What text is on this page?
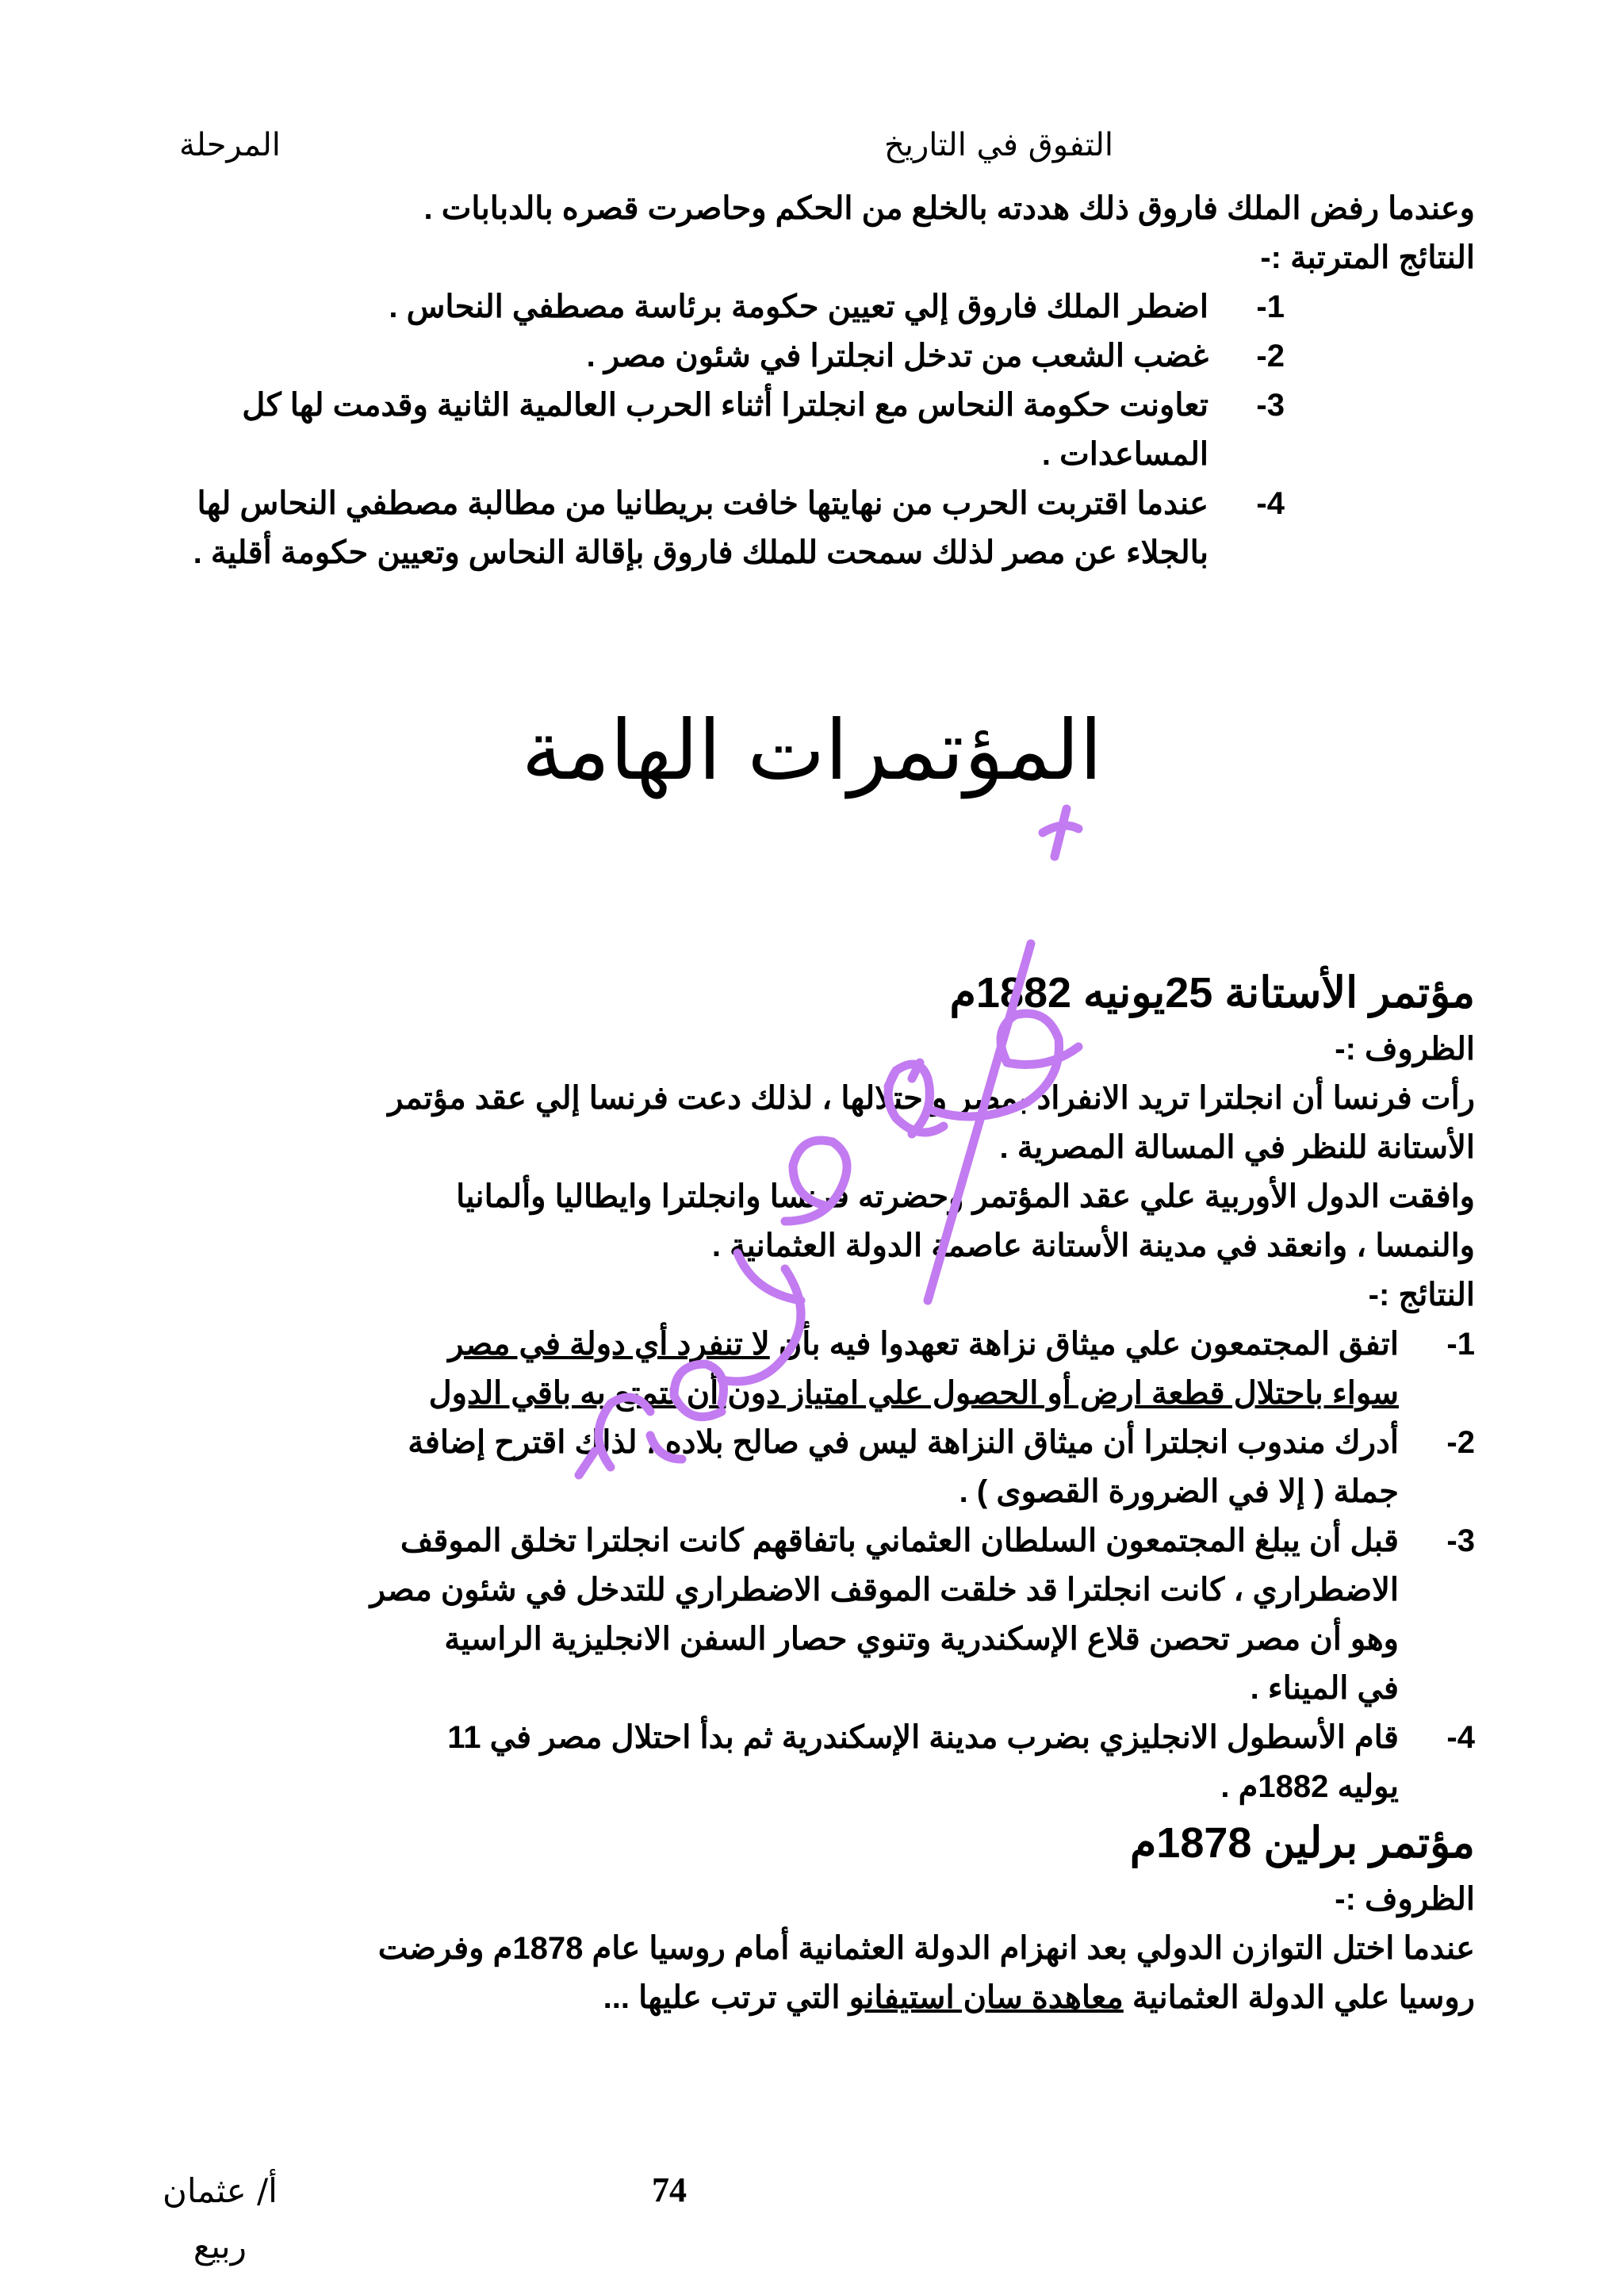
المرحلة	التفوق في التاريخ
وعندما رفض الملك فاروق ذلك هددته بالخلع من الحكم وحاصرت قصره بالدبابات .
النتائج المترتبة :-
-1
اضطر الملك فاروق إلي تعيين حكومة برئاسة مصطفي النحاس .
-2
غضب الشعب من تدخل انجلترا في شئون مصر .
-3
تعاونت حكومة النحاس مع انجلترا أثناء الحرب العالمية الثانية وقدمت لها كل
المساعدات .
-4
عندما اقتربت الحرب من نهايتها خافت بريطانيا من مطالبة مصطفي النحاس لها
بالجلاء عن مصر لذلك سمحت للملك فاروق بإقالة النحاس وتعيين حكومة أقلية .
المؤتمرات الهامة
مؤتمر الأستانة 25يونيه 1882م
الظروف :-
رأت فرنسا أن انجلترا تريد الانفراد بمصر واحتلالها ، لذلك دعت فرنسا إلي عقد مؤتمر
الأستانة للنظر في المسالة المصرية .
وافقت الدول الأوربية علي عقد المؤتمر وحضرته فرنسا وانجلترا وايطاليا وألمانيا
والنمسا ، وانعقد في مدينة الأستانة عاصمة الدولة العثمانية .
النتائج :-
-1
اتفق المجتمعون علي ميثاق نزاهة تعهدوا فيه بأن لا تنفرد أي دولة في مصر
سواء باحتلال قطعة ارض أو الحصول علي امتياز دون أن تتمتع به باقي الدول
-2
أدرك مندوب انجلترا أن ميثاق النزاهة ليس في صالح بلاده ، لذلك اقترح إضافة
جملة ( إلا في الضرورة القصوى ) .
-3
قبل أن يبلغ المجتمعون السلطان العثماني باتفاقهم كانت انجلترا تخلق الموقف
الاضطراري ، كانت انجلترا قد خلقت الموقف الاضطراري للتدخل في شئون مصر
وهو أن مصر تحصن قلاع الإسكندرية وتنوي حصار السفن الانجليزية الراسية
في الميناء .
-4
قام الأسطول الانجليزي بضرب مدينة الإسكندرية ثم بدأ احتلال مصر في 11
يوليه 1882م .
مؤتمر برلين 1878م
الظروف :-
عندما اختل التوازن الدولي بعد انهزام الدولة العثمانية أمام روسيا عام 1878م وفرضت
روسيا علي الدولة العثمانية معاهدة سان استيفانو التي ترتب عليها ...
أ/ عثمان
ربيع
74
